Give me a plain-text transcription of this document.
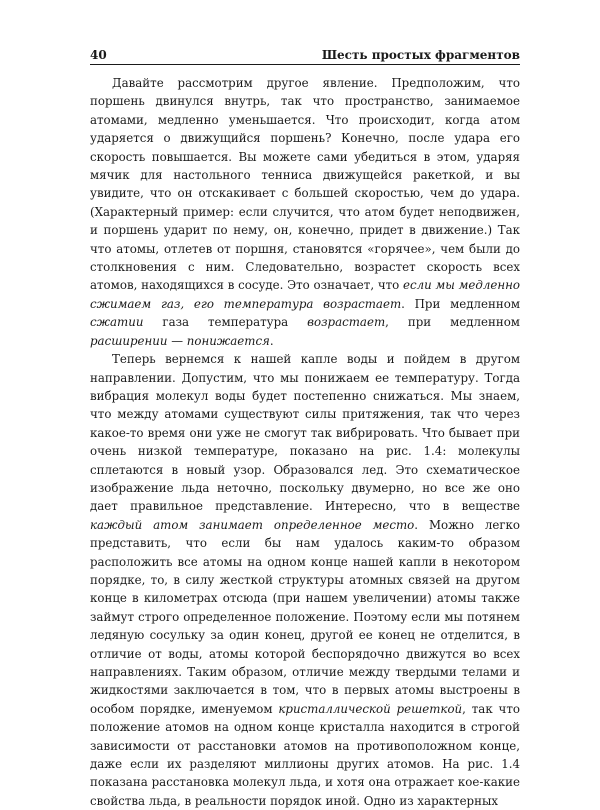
40	Шесть простых фрагментов

Давайте рассмотрим другое явление. Предположим, что поршень двинулся внутрь, так что пространство, занимаемое атомами, медленно уменьшается. Что происходит, когда атом ударяется о движущийся поршень? Конечно, после удара его скорость повышается. Вы можете сами убедиться в этом, ударяя мячик для настольного тенниса движущейся ракеткой, и вы увидите, что он отскакивает с большей скоростью, чем до удара. (Характерный пример: если случится, что атом будет неподвижен, и поршень ударит по нему, он, конечно, придет в движение.) Так что атомы, отлетев от поршня, становятся «горячее», чем были до столкновения с ним. Следовательно, возрастет скорость всех атомов, находящихся в сосуде. Это означает, что если мы медленно сжимаем газ, его температура возрастает. При медленном сжатии газа температура возрастает, при медленном расширении — понижается.

Теперь вернемся к нашей капле воды и пойдем в другом направлении. Допустим, что мы понижаем ее температуру. Тогда вибрация молекул воды будет постепенно снижаться. Мы знаем, что между атомами существуют силы притяжения, так что через какое-то время они уже не смогут так вибрировать. Что бывает при очень низкой температуре, показано на рис. 1.4: молекулы сплетаются в новый узор. Образовался лед. Это схематическое изображение льда неточно, поскольку двумерно, но все же оно дает правильное представление. Интересно, что в веществе каждый атом занимает определенное место. Можно легко представить, что если бы нам удалось каким-то образом расположить все атомы на одном конце нашей капли в некотором порядке, то, в силу жесткой структуры атомных связей на другом конце в километрах отсюда (при нашем увеличении) атомы также займут строго определенное положение. Поэтому если мы потянем ледяную сосульку за один конец, другой ее конец не отделится, в отличие от воды, атомы которой беспорядочно движутся во всех направлениях. Таким образом, отличие между твердыми телами и жидкостями заключается в том, что в первых атомы выстроены в особом порядке, именуемом кристаллической решеткой, так что положение атомов на одном конце кристалла находится в строгой зависимости от расстановки атомов на противоположном конце, даже если их разделяют миллионы других атомов. На рис. 1.4 показана расстановка молекул льда, и хотя она отражает кое-какие свойства льда, в реальности порядок иной. Одно из характерных
